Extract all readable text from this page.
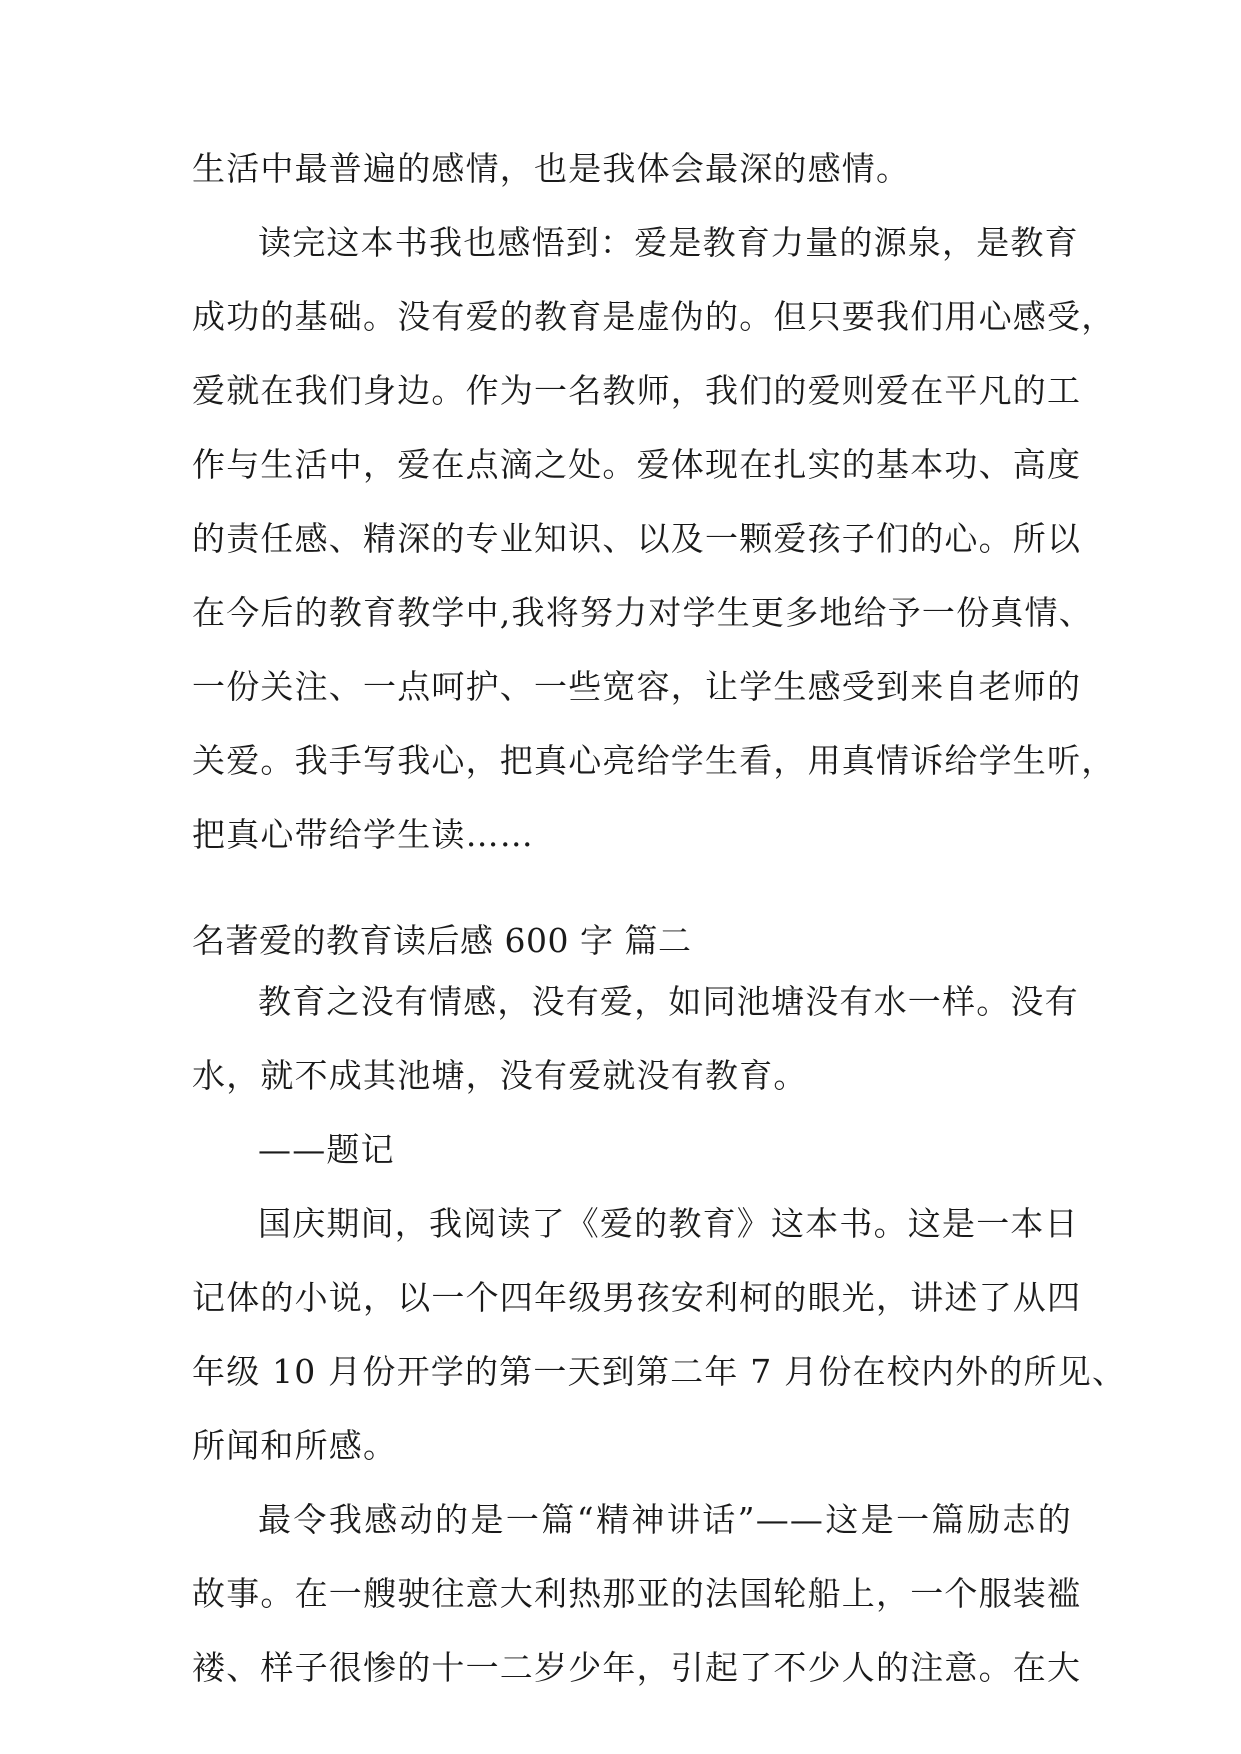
生活中最普遍的感情，也是我体会最深的感情。
读完这本书我也感悟到：爱是教育力量的源泉，是教育
成功的基础。没有爱的教育是虚伪的。但只要我们用心感受，
爱就在我们身边。作为一名教师，我们的爱则爱在平凡的工
作与生活中，爱在点滴之处。爱体现在扎实的基本功、高度
的责任感、精深的专业知识、以及一颗爱孩子们的心。所以
在今后的教育教学中,我将努力对学生更多地给予一份真情、
一份关注、一点呵护、一些宽容，让学生感受到来自老师的
关爱。我手写我心，把真心亮给学生看，用真情诉给学生听，
把真心带给学生读……
名著爱的教育读后感 600 字 篇二
教育之没有情感，没有爱，如同池塘没有水一样。没有
水，就不成其池塘，没有爱就没有教育。
——题记
国庆期间，我阅读了《爱的教育》这本书。这是一本日
记体的小说，以一个四年级男孩安利柯的眼光，讲述了从四
年级 10 月份开学的第一天到第二年 7 月份在校内外的所见、
所闻和所感。
最令我感动的是一篇“精神讲话”——这是一篇励志的
故事。在一艘驶往意大利热那亚的法国轮船上，一个服装褴
褛、样子很惨的十一二岁少年，引起了不少人的注意。在大
